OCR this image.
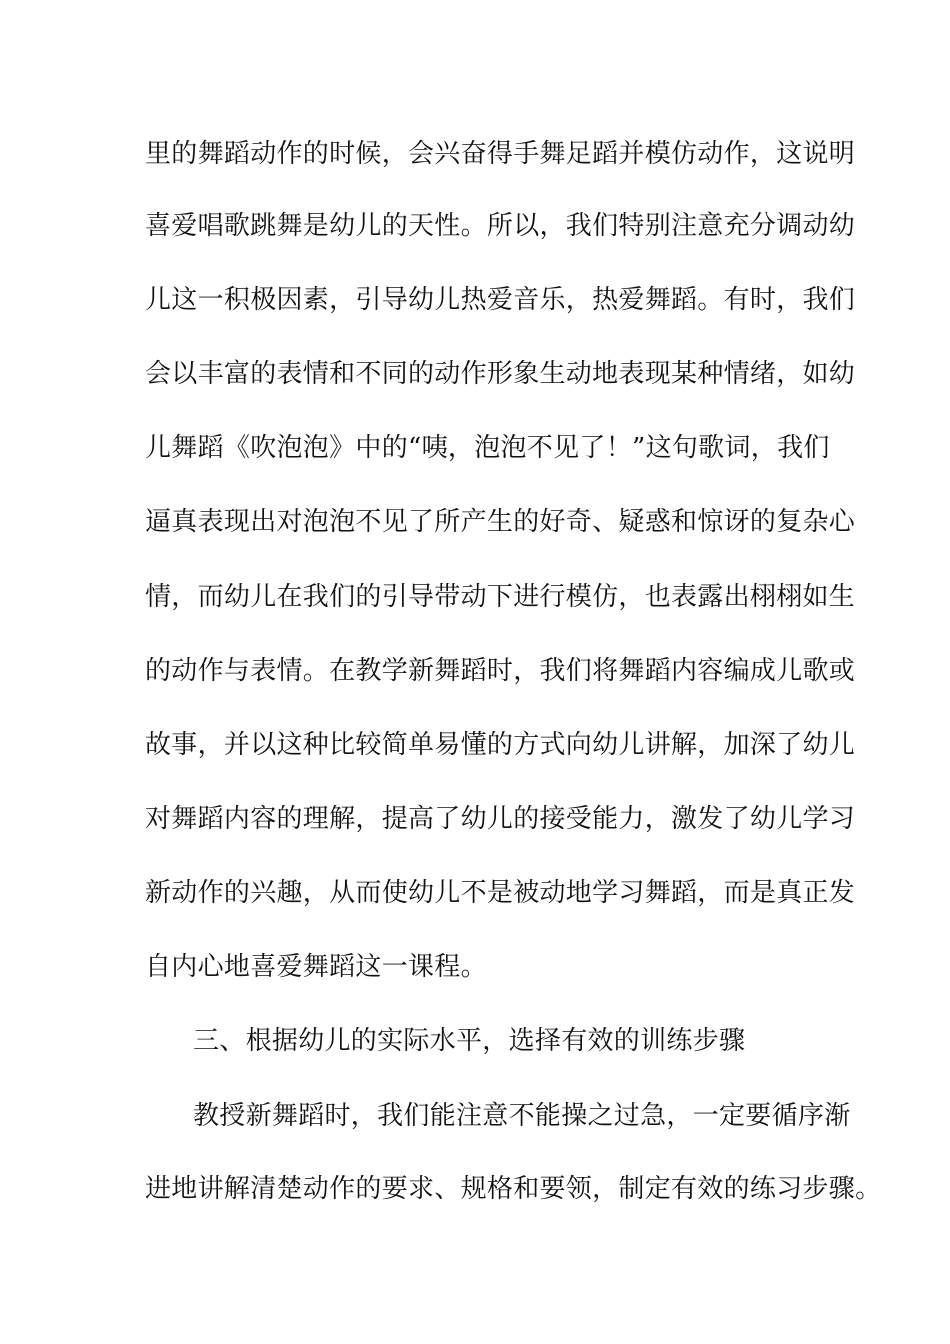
里的舞蹈动作的时候，会兴奋得手舞足蹈并模仿动作，这说明
喜爱唱歌跳舞是幼儿的天性。所以，我们特别注意充分调动幼
儿这一积极因素，引导幼儿热爱音乐，热爱舞蹈。有时，我们
会以丰富的表情和不同的动作形象生动地表现某种情绪，如幼
儿舞蹈《吹泡泡》中的“咦，泡泡不见了！”这句歌词，我们
逼真表现出对泡泡不见了所产生的好奇、疑惑和惊讶的复杂心
情，而幼儿在我们的引导带动下进行模仿，也表露出栩栩如生
的动作与表情。在教学新舞蹈时，我们将舞蹈内容编成儿歌或
故事，并以这种比较简单易懂的方式向幼儿讲解，加深了幼儿
对舞蹈内容的理解，提高了幼儿的接受能力，激发了幼儿学习
新动作的兴趣，从而使幼儿不是被动地学习舞蹈，而是真正发
自内心地喜爱舞蹈这一课程。
三、根据幼儿的实际水平，选择有效的训练步骤
教授新舞蹈时，我们能注意不能操之过急，一定要循序渐
进地讲解清楚动作的要求、规格和要领，制定有效的练习步骤。
